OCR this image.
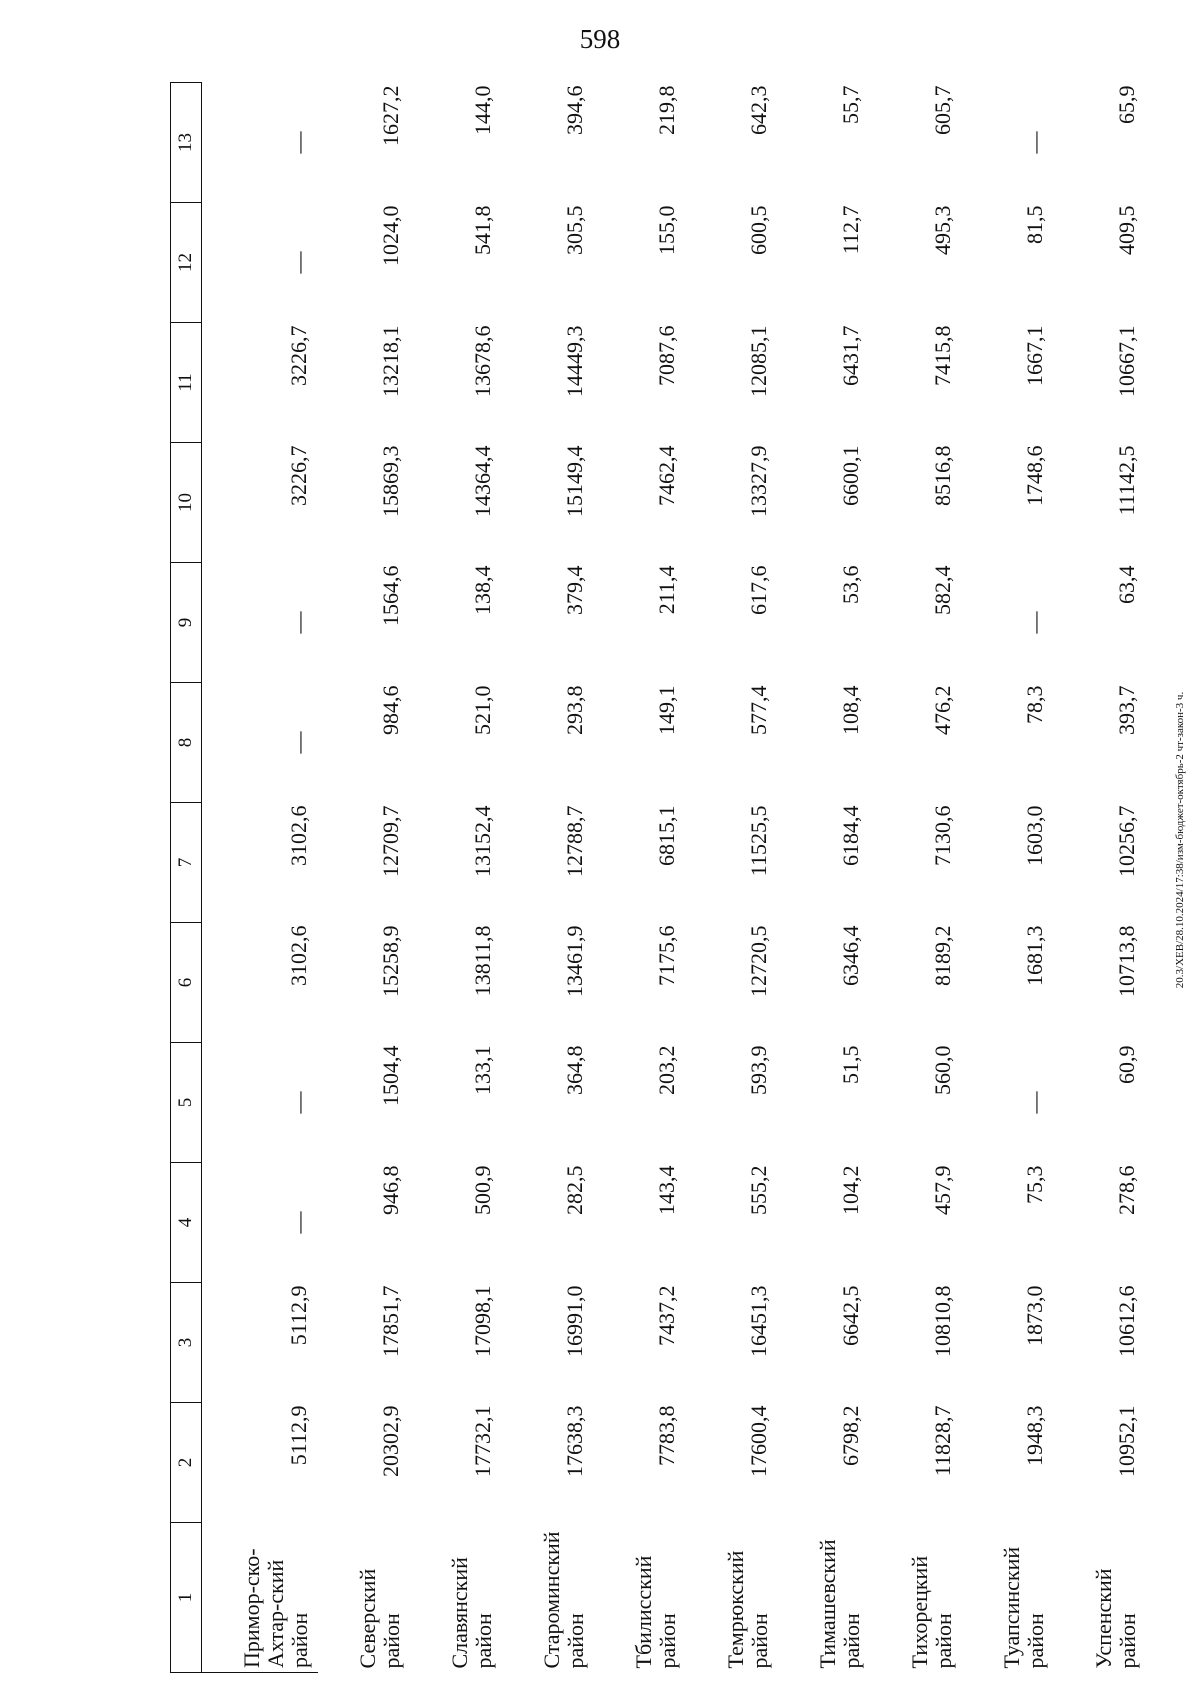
598
1	2	3	4	5	6	7	8	9	10	11	12	13
Примор-ско-Ахтар-ский район	5112,9	5112,9	—	—	3102,6	3102,6	—	—	3226,7	3226,7	—	—
Северский район	20302,9	17851,7	946,8	1504,4	15258,9	12709,7	984,6	1564,6	15869,3	13218,1	1024,0	1627,2
Славянский район	17732,1	17098,1	500,9	133,1	13811,8	13152,4	521,0	138,4	14364,4	13678,6	541,8	144,0
Староминский район	17638,3	16991,0	282,5	364,8	13461,9	12788,7	293,8	379,4	15149,4	14449,3	305,5	394,6
Тбилисский район	7783,8	7437,2	143,4	203,2	7175,6	6815,1	149,1	211,4	7462,4	7087,6	155,0	219,8
Темрюкский район	17600,4	16451,3	555,2	593,9	12720,5	11525,5	577,4	617,6	13327,9	12085,1	600,5	642,3
Тимашевский район	6798,2	6642,5	104,2	51,5	6346,4	6184,4	108,4	53,6	6600,1	6431,7	112,7	55,7
Тихорецкий район	11828,7	10810,8	457,9	560,0	8189,2	7130,6	476,2	582,4	8516,8	7415,8	495,3	605,7
Туапсинский район	1948,3	1873,0	75,3	—	1681,3	1603,0	78,3	—	1748,6	1667,1	81,5	—
Успенский район	10952,1	10612,6	278,6	60,9	10713,8	10256,7	393,7	63,4	11142,5	10667,1	409,5	65,9
20.3/ХЕВ/28.10.2024/17:38/изм-бюджет-октябрь-2 чт-закон-3 ч.
